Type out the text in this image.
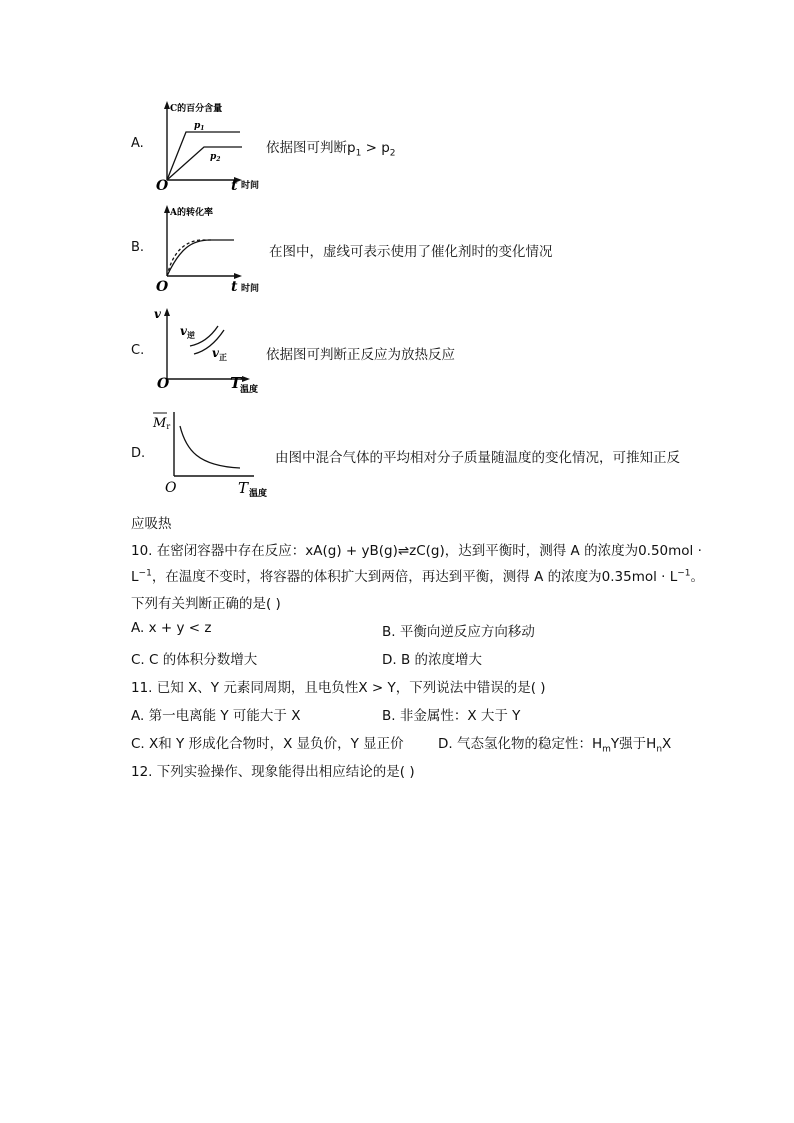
A.
C的百分含量
$p_1$
$p_2$
O	t 时间
依据图可判断$p_1 > p_2$
B.
A的转化率
O	t 时间
在图中，虚线可表示使用了催化剂时的变化情况
C.
v
$v_逆$
$v_正$
O	T
温度
依据图可判断正反应为放热反应
D.
Mr
O	T 温度
由图中混合气体的平均相对分子质量随温度的变化情况，可推知正反
应吸热
10. 在密闭容器中存在反应：xA(g) + yB(g)⇌zC(g)，达到平衡时，测得 A 的浓度为0.50mol ·
$L^{-1}$，在温度不变时，将容器的体积扩大到两倍，再达到平衡，测得 A 的浓度为$0.35mol \cdot L^{-1}$。
下列有关判断正确的是( )
A. x + y < z	B. 平衡向逆反应方向移动
C. C 的体积分数增大	D. B 的浓度增大
11. 已知 X、Y 元素同周期，且电负性X > Y，下列说法中错误的是( )
A. 第一电离能 Y 可能大于 X	B. 非金属性：X 大于 Y
C. X和 Y 形成化合物时，X 显负价，Y 显正价	D. 气态氢化物的稳定性：$H_mY$强于$H_nX$
12. 下列实验操作、现象能得出相应结论的是( )
